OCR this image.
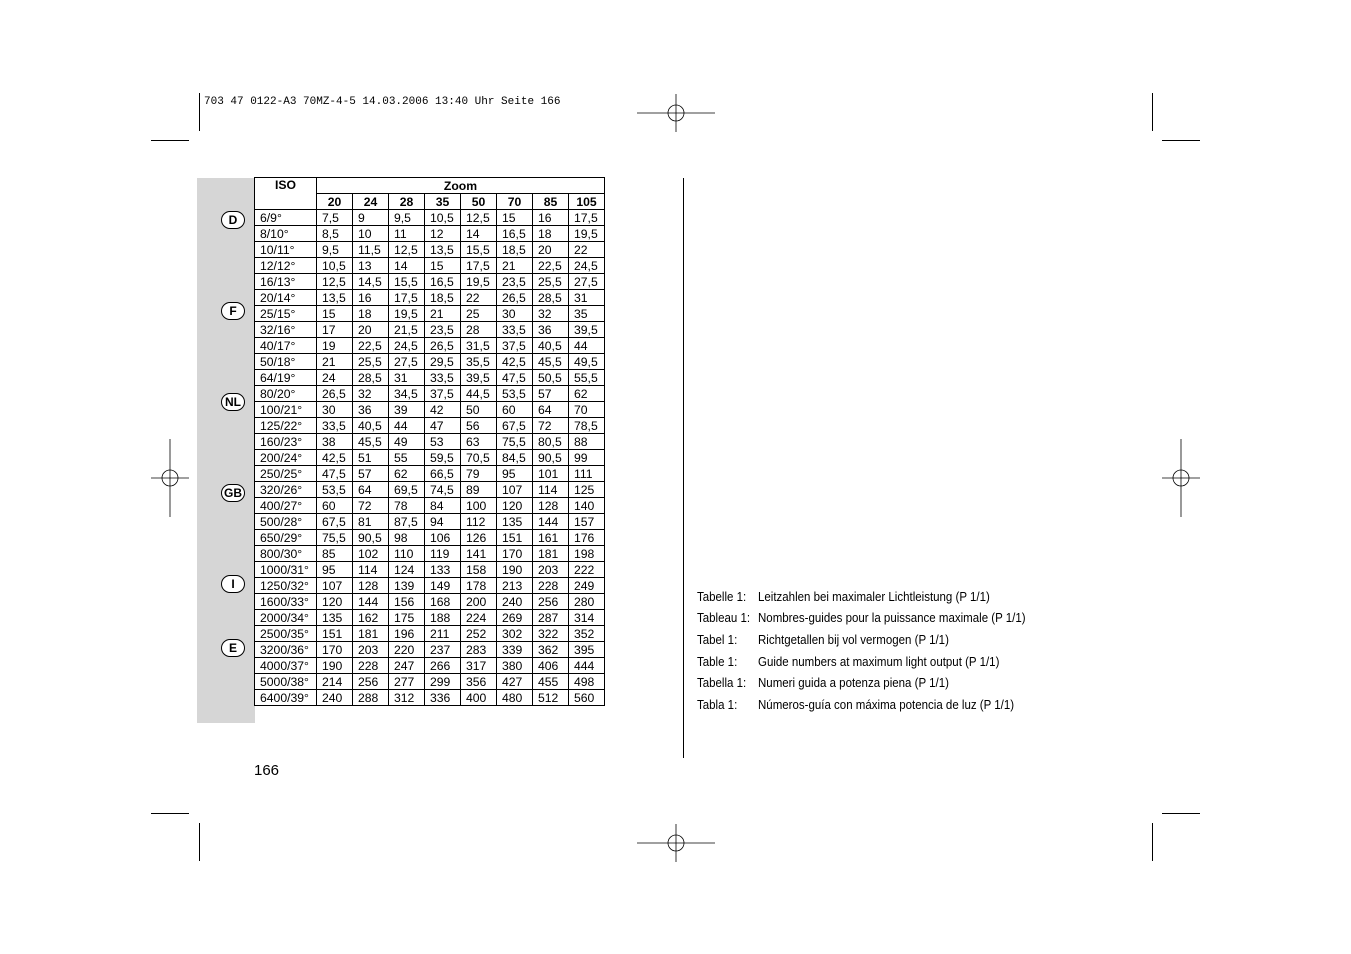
703 47 0122-A3 70MZ-4-5 14.03.2006 13:40 Uhr Seite 166
D
F
NL
GB
I
E
ISO	Zoom							
	20	24	28	35	50	70	85	105
6/9°	7,5	9	9,5	10,5	12,5	15	16	17,5
8/10°	8,5	10	11	12	14	16,5	18	19,5
10/11°	9,5	11,5	12,5	13,5	15,5	18,5	20	22
12/12°	10,5	13	14	15	17,5	21	22,5	24,5
16/13°	12,5	14,5	15,5	16,5	19,5	23,5	25,5	27,5
20/14°	13,5	16	17,5	18,5	22	26,5	28,5	31
25/15°	15	18	19,5	21	25	30	32	35
32/16°	17	20	21,5	23,5	28	33,5	36	39,5
40/17°	19	22,5	24,5	26,5	31,5	37,5	40,5	44
50/18°	21	25,5	27,5	29,5	35,5	42,5	45,5	49,5
64/19°	24	28,5	31	33,5	39,5	47,5	50,5	55,5
80/20°	26,5	32	34,5	37,5	44,5	53,5	57	62
100/21°	30	36	39	42	50	60	64	70
125/22°	33,5	40,5	44	47	56	67,5	72	78,5
160/23°	38	45,5	49	53	63	75,5	80,5	88
200/24°	42,5	51	55	59,5	70,5	84,5	90,5	99
250/25°	47,5	57	62	66,5	79	95	101	111
320/26°	53,5	64	69,5	74,5	89	107	114	125
400/27°	60	72	78	84	100	120	128	140
500/28°	67,5	81	87,5	94	112	135	144	157
650/29°	75,5	90,5	98	106	126	151	161	176
800/30°	85	102	110	119	141	170	181	198
1000/31°	95	114	124	133	158	190	203	222
1250/32°	107	128	139	149	178	213	228	249
1600/33°	120	144	156	168	200	240	256	280
2000/34°	135	162	175	188	224	269	287	314
2500/35°	151	181	196	211	252	302	322	352
3200/36°	170	203	220	237	283	339	362	395
4000/37°	190	228	247	266	317	380	406	444
5000/38°	214	256	277	299	356	427	455	498
6400/39°	240	288	312	336	400	480	512	560
166
Tabelle 1: Leitzahlen bei maximaler Lichtleistung (P 1/1)
Tableau 1: Nombres-guides pour la puissance maximale (P 1/1)
Tabel 1:	Richtgetallen bij vol vermogen (P 1/1)
Table 1:	Guide numbers at maximum light output (P 1/1)
Tabella 1: Numeri guida a potenza piena (P 1/1)
Tabla 1:	Números-guía con máxima potencia de luz (P 1/1)
